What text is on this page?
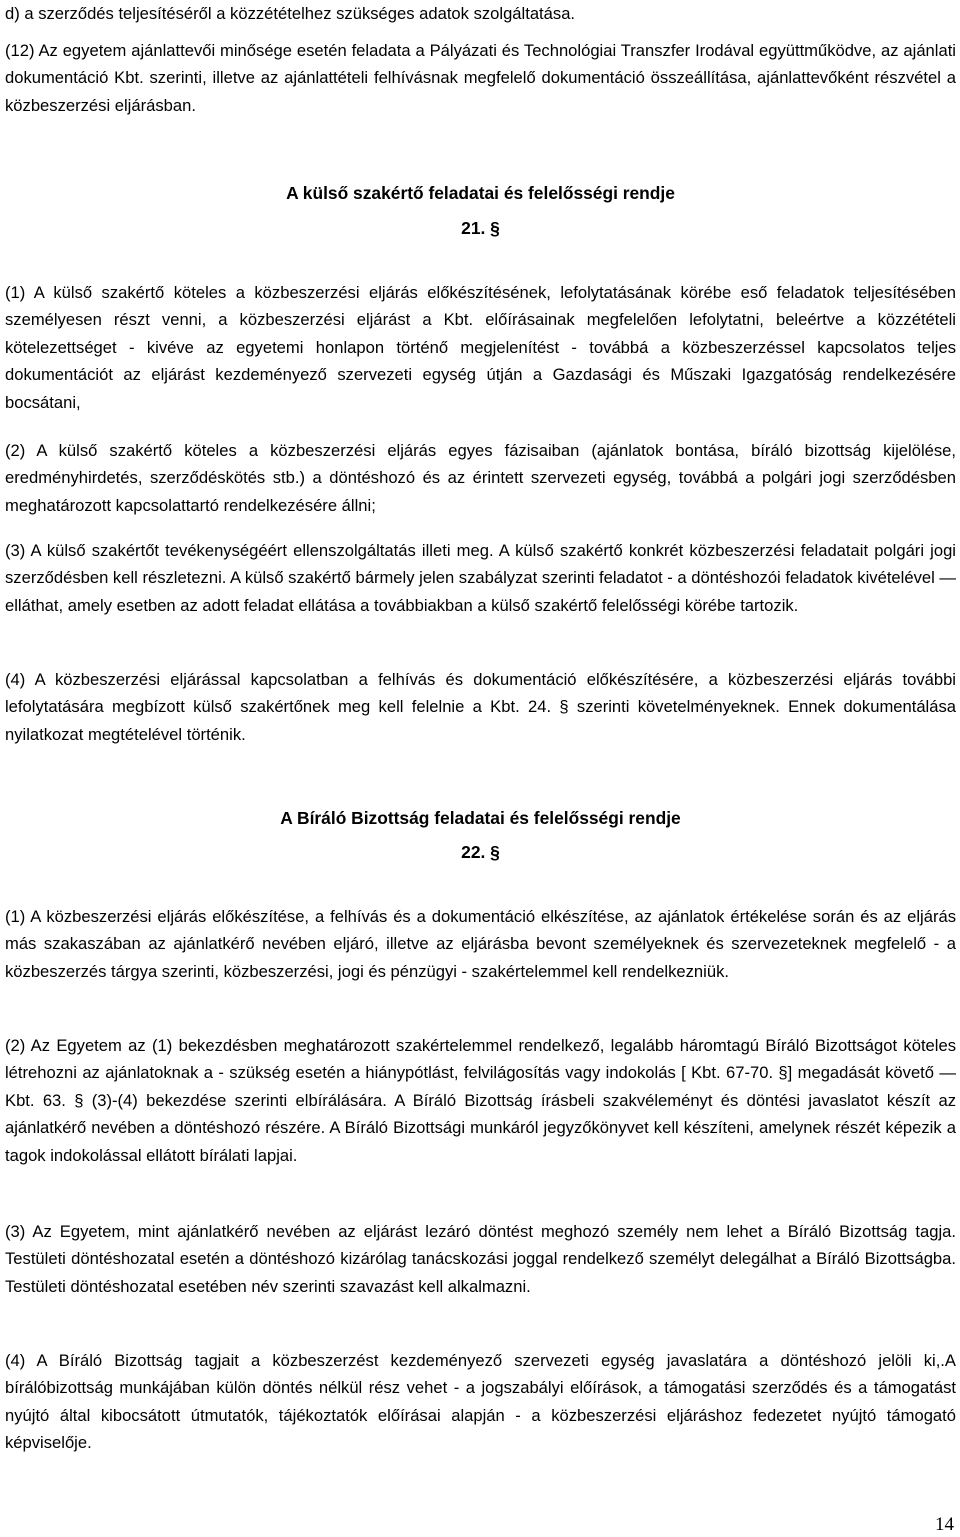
d) a szerződés teljesítéséről a közzétételhez szükséges adatok szolgáltatása.

(12) Az egyetem ajánlattevői minősége esetén feladata a Pályázati és Technológiai Transzfer Irodával együttműködve, az ajánlati dokumentáció Kbt. szerinti, illetve az ajánlattételi felhívásnak megfelelő dokumentáció összeállítása, ajánlattevőként részvétel a közbeszerzési eljárásban.

A külső szakértő feladatai és felelősségi rendje
21. §

(1) A külső szakértő köteles a közbeszerzési eljárás előkészítésének, lefolytatásának körébe eső feladatok teljesítésében személyesen részt venni, a közbeszerzési eljárást a Kbt. előírásainak megfelelően lefolytatni, beleértve a közzétételi kötelezettséget - kivéve az egyetemi honlapon történő megjelenítést - továbbá a közbeszerzéssel kapcsolatos teljes dokumentációt az eljárást kezdeményező szervezeti egység útján a Gazdasági és Műszaki Igazgatóság rendelkezésére bocsátani,

(2) A külső szakértő köteles a közbeszerzési eljárás egyes fázisaiban (ajánlatok bontása, bíráló bizottság kijelölése, eredményhirdetés, szerződéskötés stb.) a döntéshozó és az érintett szervezeti egység, továbbá a polgári jogi szerződésben meghatározott kapcsolattartó rendelkezésére állni;

(3) A külső szakértőt tevékenységéért ellenszolgáltatás illeti meg. A külső szakértő konkrét közbeszerzési feladatait polgári jogi szerződésben kell részletezni. A külső szakértő bármely jelen szabályzat szerinti feladatot - a döntéshozói feladatok kivételével — elláthat, amely esetben az adott feladat ellátása a továbbiakban a külső szakértő felelősségi körébe tartozik.

(4) A közbeszerzési eljárással kapcsolatban a felhívás és dokumentáció előkészítésére, a közbeszerzési eljárás további lefolytatására megbízott külső szakértőnek meg kell felelnie a Kbt. 24. § szerinti követelményeknek. Ennek dokumentálása nyilatkozat megtételével történik.

A Bíráló Bizottság feladatai és felelősségi rendje
22. §

(1) A közbeszerzési eljárás előkészítése, a felhívás és a dokumentáció elkészítése, az ajánlatok értékelése során és az eljárás más szakaszában az ajánlatkérő nevében eljáró, illetve az eljárásba bevont személyeknek és szervezeteknek megfelelő - a közbeszerzés tárgya szerinti, közbeszerzési, jogi és pénzügyi - szakértelemmel kell rendelkezniük.

(2) Az Egyetem az (1) bekezdésben meghatározott szakértelemmel rendelkező, legalább háromtagú Bíráló Bizottságot köteles létrehozni az ajánlatoknak a - szükség esetén a hiánypótlást, felvilágosítás vagy indokolás [ Kbt. 67-70. §] megadását követő — Kbt. 63. § (3)-(4) bekezdése szerinti elbírálására. A Bíráló Bizottság írásbeli szakvéleményt és döntési javaslatot készít az ajánlatkérő nevében a döntéshozó részére. A Bíráló Bizottsági munkáról jegyzőkönyvet kell készíteni, amelynek részét képezik a tagok indokolással ellátott bírálati lapjai.

(3) Az Egyetem, mint ajánlatkérő nevében az eljárást lezáró döntést meghozó személy nem lehet a Bíráló Bizottság tagja. Testületi döntéshozatal esetén a döntéshozó kizárólag tanácskozási joggal rendelkező személyt delegálhat a Bíráló Bizottságba. Testületi döntéshozatal esetében név szerinti szavazást kell alkalmazni.

(4) A Bíráló Bizottság tagjait a közbeszerzést kezdeményező szervezeti egység javaslatára a döntéshozó jelöli ki,.A bírálóbizottság munkájában külön döntés nélkül rész vehet - a jogszabályi előírások, a támogatási szerződés és a támogatást nyújtó által kibocsátott útmutatók, tájékoztatók előírásai alapján - a közbeszerzési eljáráshoz fedezetet nyújtó támogató képviselője.

14
